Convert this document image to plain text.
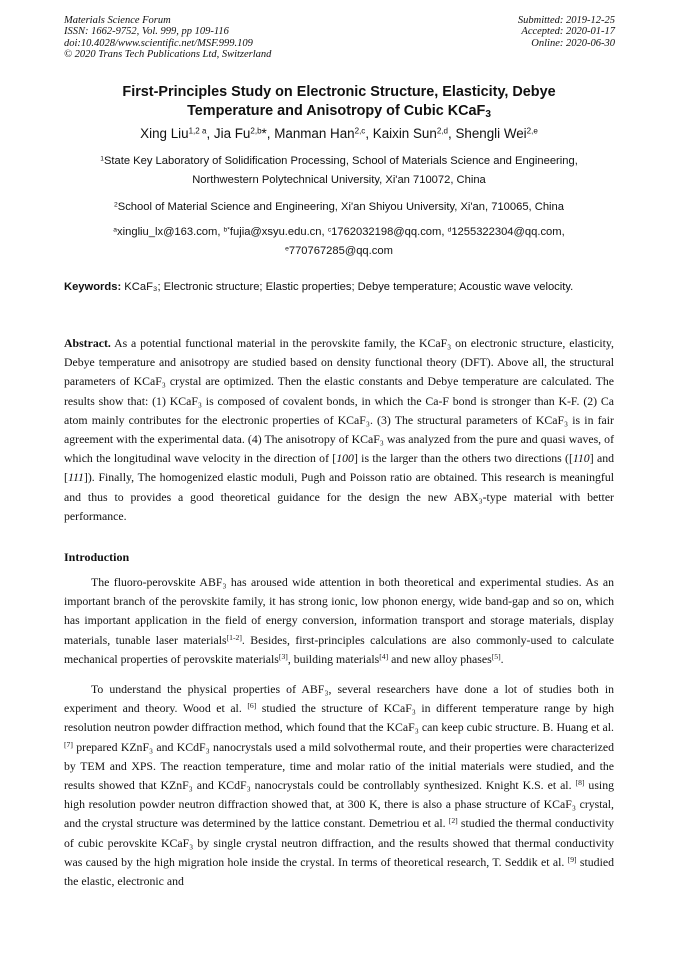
Materials Science Forum
ISSN: 1662-9752, Vol. 999, pp 109-116
doi:10.4028/www.scientific.net/MSF.999.109
© 2020 Trans Tech Publications Ltd, Switzerland
Submitted: 2019-12-25
Accepted: 2020-01-17
Online: 2020-06-30
First-Principles Study on Electronic Structure, Elasticity, Debye
Temperature and Anisotropy of Cubic KCaF$_3$
Xing Liu$^{1,2 a}$, Jia Fu$^{2,b}$*, Manman Han$^{2,c}$, Kaixin Sun$^{2,d}$, Shengli Wei$^{2,e}$
$^1$State Key Laboratory of Solidification Processing, School of Materials Science and Engineering,
Northwestern Polytechnical University, Xi'an 710072, China
$^2$School of Material Science and Engineering, Xi'an Shiyou University, Xi'an, 710065, China
$^a$xingliu_lx@163.com, $^{b*}$fujia@xsyu.edu.cn, $^c$1762032198@qq.com, $^d$1255322304@qq.com,
$^e$770767285@qq.com
Keywords: KCaF₃; Electronic structure; Elastic properties; Debye temperature; Acoustic wave velocity.
Abstract. As a potential functional material in the perovskite family, the KCaF₃ on electronic structure, elasticity, Debye temperature and anisotropy are studied based on density functional theory (DFT). Above all, the structural parameters of KCaF₃ crystal are optimized. Then the elastic constants and Debye temperature are calculated. The results show that: (1) KCaF₃ is composed of covalent bonds, in which the Ca-F bond is stronger than K-F. (2) Ca atom mainly contributes for the electronic properties of KCaF₃. (3) The structural parameters of KCaF₃ is in fair agreement with the experimental data. (4) The anisotropy of KCaF₃ was analyzed from the pure and quasi waves, of which the longitudinal wave velocity in the direction of [100] is the larger than the others two directions ([110] and [111]). Finally, The homogenized elastic moduli, Pugh and Poisson ratio are obtained. This research is meaningful and thus to provides a good theoretical guidance for the design the new ABX₃-type material with better performance.
Introduction
The fluoro-perovskite ABF₃ has aroused wide attention in both theoretical and experimental studies. As an important branch of the perovskite family, it has strong ionic, low phonon energy, wide band-gap and so on, which has important application in the field of energy conversion, information transport and storage materials, display materials, tunable laser materials[1-2]. Besides, first-principles calculations are also commonly-used to calculate mechanical properties of perovskite materials[3], building materials[4] and new alloy phases[5].
To understand the physical properties of ABF₃, several researchers have done a lot of studies both in experiment and theory. Wood et al. [6] studied the structure of KCaF₃ in different temperature range by high resolution neutron powder diffraction method, which found that the KCaF₃ can keep cubic structure. B. Huang et al. [7] prepared KZnF₃ and KCdF₃ nanocrystals used a mild solvothermal route, and their properties were characterized by TEM and XPS. The reaction temperature, time and molar ratio of the initial materials were studied, and the results showed that KZnF₃ and KCdF₃ nanocrystals could be controllably synthesized. Knight K.S. et al. [8] using high resolution powder neutron diffraction showed that, at 300 K, there is also a phase structure of KCaF₃ crystal, and the crystal structure was determined by the lattice constant. Demetriou et al. [2] studied the thermal conductivity of cubic perovskite KCaF₃ by single crystal neutron diffraction, and the results showed that thermal conductivity was caused by the high migration hole inside the crystal. In terms of theoretical research, T. Seddik et al. [9] studied the elastic, electronic and
